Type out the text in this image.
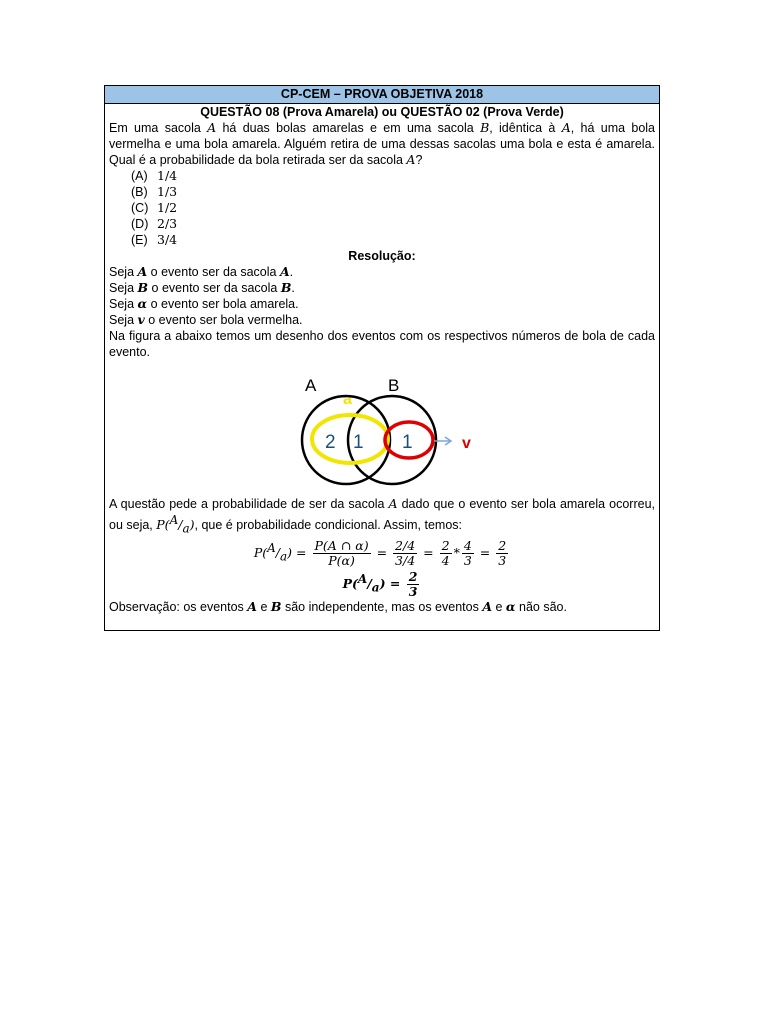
CP-CEM – PROVA OBJETIVA 2018
QUESTÃO 08 (Prova Amarela) ou QUESTÃO 02 (Prova Verde)
Em uma sacola A há duas bolas amarelas e em uma sacola B, idêntica à A, há uma bola vermelha e uma bola amarela. Alguém retira de uma dessas sacolas uma bola e esta é amarela. Qual é a probabilidade da bola retirada ser da sacola A?
(A) 1/4
(B) 1/3
(C) 1/2
(D) 2/3
(E) 3/4
Resolução:
Seja A o evento ser da sacola A.
Seja B o evento ser da sacola B.
Seja α o evento ser bola amarela.
Seja v o evento ser bola vermelha.
Na figura a abaixo temos um desenho dos eventos com os respectivos números de bola de cada evento.
A	B
a
2 1 1	v
A questão pede a probabilidade de ser da sacola A dado que o evento ser bola amarela ocorreu, ou seja, $P(^A/_a)$, que é probabilidade condicional. Assim, temos:
$P(^A/_a) = \frac{P(A \cap \alpha)}{P(\alpha)} = \frac{2/4}{3/4} = \frac{2}{4} * \frac{4}{3} = \frac{2}{3}$
$P(^A/_a) = \frac{2}{3}$
Observação: os eventos A e B são independente, mas os eventos A e α não são.
